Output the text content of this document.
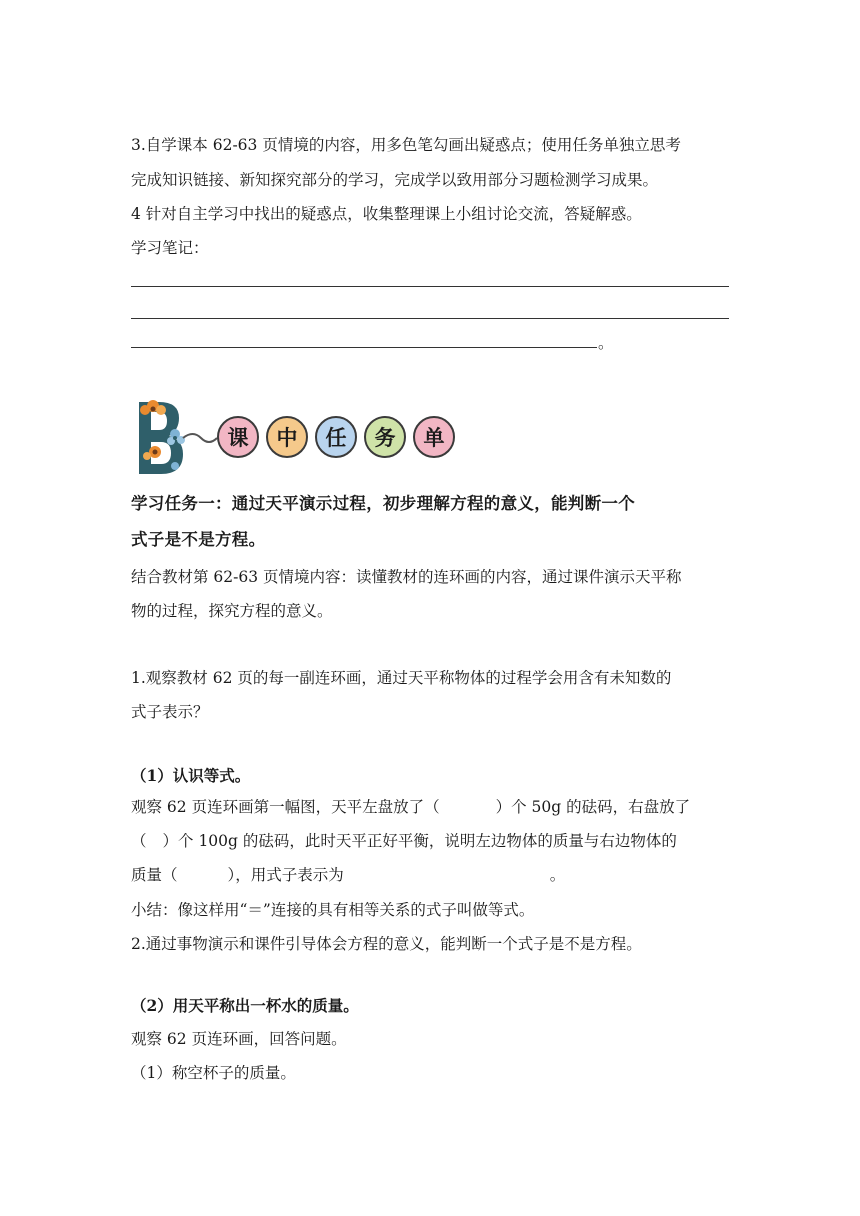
3.自学课本 62-63 页情境的内容，用多色笔勾画出疑惑点；使用任务单独立思考
完成知识链接、新知探究部分的学习，完成学以致用部分习题检测学习成果。
4 针对自主学习中找出的疑惑点，收集整理课上小组讨论交流，答疑解惑。
学习笔记：
。
课	中	任	务	单
学习任务一：通过天平演示过程，初步理解方程的意义，能判断一个
式子是不是方程。
结合教材第 62-63 页情境内容：读懂教材的连环画的内容，通过课件演示天平称
物的过程，探究方程的意义。
1.观察教材 62 页的每一副连环画，通过天平称物体的过程学会用含有未知数的
式子表示？
（1）认识等式。
观察 62 页连环画第一幅图，天平左盘放了（	）个 50g 的砝码，右盘放了
（ ）个 100g 的砝码，此时天平正好平衡，说明左边物体的质量与右边物体的
质量（	），用式子表示为	。
小结：像这样用“＝”连接的具有相等关系的式子叫做等式。
2.通过事物演示和课件引导体会方程的意义，能判断一个式子是不是方程。
（2）用天平称出一杯水的质量。
观察 62 页连环画，回答问题。
（1）称空杯子的质量。
